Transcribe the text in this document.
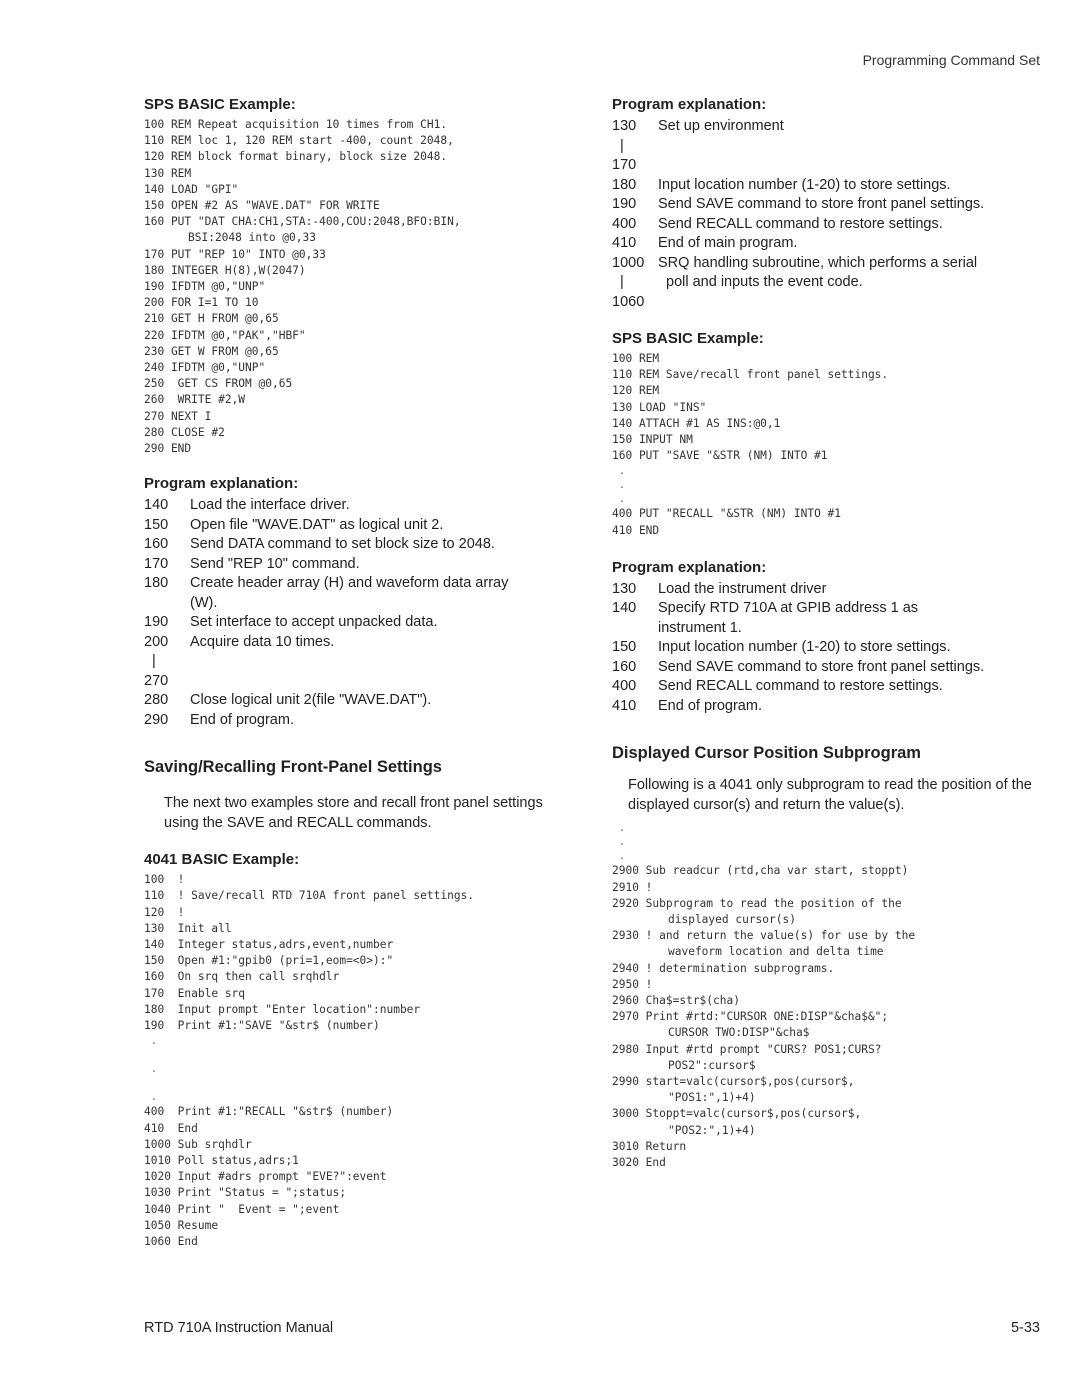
Programming Command Set
SPS BASIC Example:
100 REM Repeat acquisition 10 times from CH1.
110 REM loc 1, 120 REM start -400, count 2048,
120 REM block format binary, block size 2048.
130 REM
140 LOAD "GPI"
150 OPEN #2 AS "WAVE.DAT" FOR WRITE
160 PUT "DAT CHA:CH1,STA:-400,COU:2048,BFO:BIN,
BSI:2048 into @0,33
170 PUT "REP 10" INTO @0,33
180 INTEGER H(8),W(2047)
190 IFDTM @0,"UNP"
200 FOR I=1 TO 10
210 GET H FROM @0,65
220 IFDTM @0,"PAK","HBF"
230 GET W FROM @0,65
240 IFDTM @0,"UNP"
250  GET CS FROM @0,65
260  WRITE #2,W
270 NEXT I
280 CLOSE #2
290 END
Program explanation:
140	Load the interface driver.
150	Open file "WAVE.DAT" as logical unit 2.
160	Send DATA command to set block size to 2048.
170	Send "REP 10" command.
180	Create header array (H) and waveform data array
(W).
190	Set interface to accept unpacked data.
200	Acquire data 10 times.
|
270
280	Close logical unit 2(file "WAVE.DAT").
290	End of program.
Saving/Recalling Front-Panel Settings
The next two examples store and recall front panel settings using the SAVE and RECALL commands.
4041 BASIC Example:
100  !
110  ! Save/recall RTD 710A front panel settings.
120  !
130  Init all
140  Integer status,adrs,event,number
150  Open #1:"gpib0 (pri=1,eom=<0>):"
160  On srq then call srqhdlr
170  Enable srq
180  Input prompt "Enter location":number
190  Print #1:"SAVE "&str$ (number)
.

.

.
400  Print #1:"RECALL "&str$ (number)
410  End
1000 Sub srqhdlr
1010 Poll status,adrs;1
1020 Input #adrs prompt "EVE?":event
1030 Print "Status = ";status;
1040 Print "  Event = ";event
1050 Resume
1060 End
Program explanation:
130	Set up environment
|
170
180	Input location number (1-20) to store settings.
190	Send SAVE command to store front panel settings.
400	Send RECALL command to restore settings.
410	End of main program.
1000 SRQ handling subroutine, which performs a serial
|	poll and inputs the event code.
1060
SPS BASIC Example:
100 REM
110 REM Save/recall front panel settings.
120 REM
130 LOAD "INS"
140 ATTACH #1 AS INS:@0,1
150 INPUT NM
160 PUT "SAVE "&STR (NM) INTO #1
.
.
.
400 PUT "RECALL "&STR (NM) INTO #1
410 END
Program explanation:
130	Load the instrument driver
140	Specify RTD 710A at GPIB address 1 as
instrument 1.
150	Input location number (1-20) to store settings.
160	Send SAVE command to store front panel settings.
400	Send RECALL command to restore settings.
410	End of program.
Displayed Cursor Position Subprogram
Following is a 4041 only subprogram to read the position of the displayed cursor(s) and return the value(s).
.
.
.
2900 Sub readcur (rtd,cha var start, stoppt)
2910 !
2920 Subprogram to read the position of the
displayed cursor(s)
2930 ! and return the value(s) for use by the
waveform location and delta time
2940 ! determination subprograms.
2950 !
2960 Cha$=str$(cha)
2970 Print #rtd:"CURSOR ONE:DISP"&cha$&";
CURSOR TWO:DISP"&cha$
2980 Input #rtd prompt "CURS? POS1;CURS?
POS2":cursor$
2990 start=valc(cursor$,pos(cursor$,
"POS1:",1)+4)
3000 Stoppt=valc(cursor$,pos(cursor$,
"POS2:",1)+4)
3010 Return
3020 End
RTD 710A Instruction Manual	5-33
